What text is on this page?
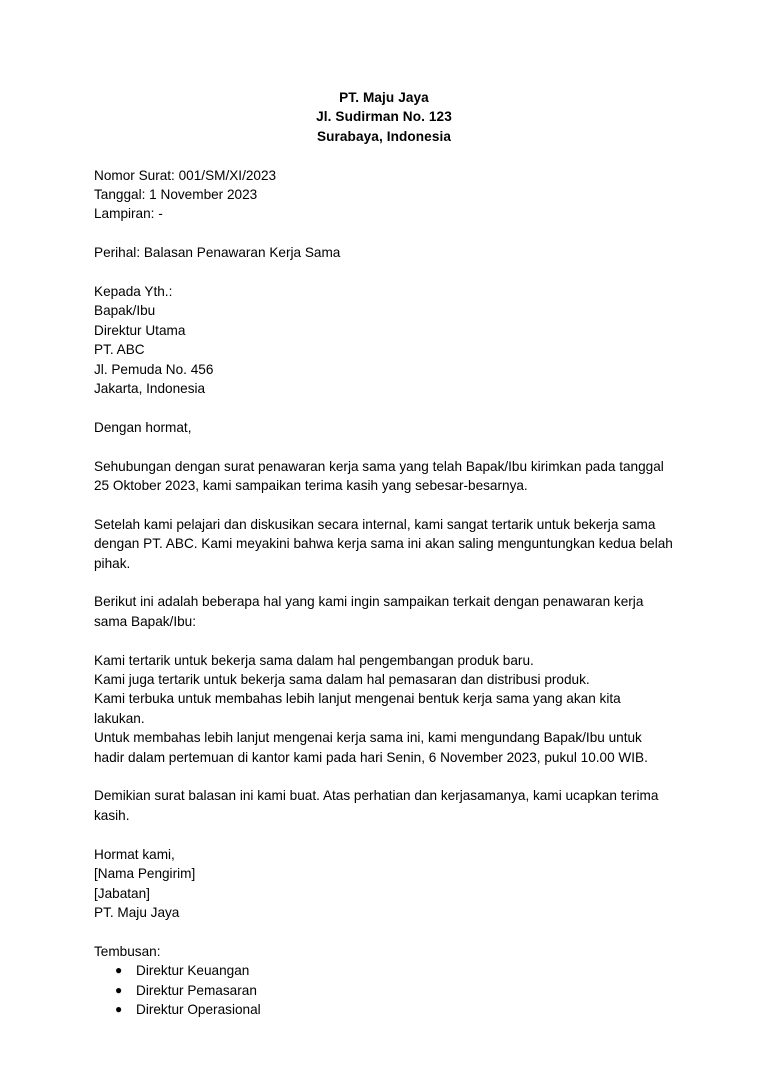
PT. Maju Jaya
Jl. Sudirman No. 123
Surabaya, Indonesia
Nomor Surat: 001/SM/XI/2023
Tanggal: 1 November 2023
Lampiran: -
Perihal: Balasan Penawaran Kerja Sama
Kepada Yth.:
Bapak/Ibu
Direktur Utama
PT. ABC
Jl. Pemuda No. 456
Jakarta, Indonesia
Dengan hormat,

Sehubungan dengan surat penawaran kerja sama yang telah Bapak/Ibu kirimkan pada tanggal 25 Oktober 2023, kami sampaikan terima kasih yang sebesar-besarnya.

Setelah kami pelajari dan diskusikan secara internal, kami sangat tertarik untuk bekerja sama dengan PT. ABC. Kami meyakini bahwa kerja sama ini akan saling menguntungkan kedua belah pihak.

Berikut ini adalah beberapa hal yang kami ingin sampaikan terkait dengan penawaran kerja sama Bapak/Ibu:

Kami tertarik untuk bekerja sama dalam hal pengembangan produk baru.

Kami juga tertarik untuk bekerja sama dalam hal pemasaran dan distribusi produk.

Kami terbuka untuk membahas lebih lanjut mengenai bentuk kerja sama yang akan kita lakukan.

Untuk membahas lebih lanjut mengenai kerja sama ini, kami mengundang Bapak/Ibu untuk hadir dalam pertemuan di kantor kami pada hari Senin, 6 November 2023, pukul 10.00 WIB.

Demikian surat balasan ini kami buat. Atas perhatian dan kerjasamanya, kami ucapkan terima kasih.

Hormat kami,
[Nama Pengirim]
[Jabatan]
PT. Maju Jaya
Tembusan:
● Direktur Keuangan
● Direktur Pemasaran
● Direktur Operasional
